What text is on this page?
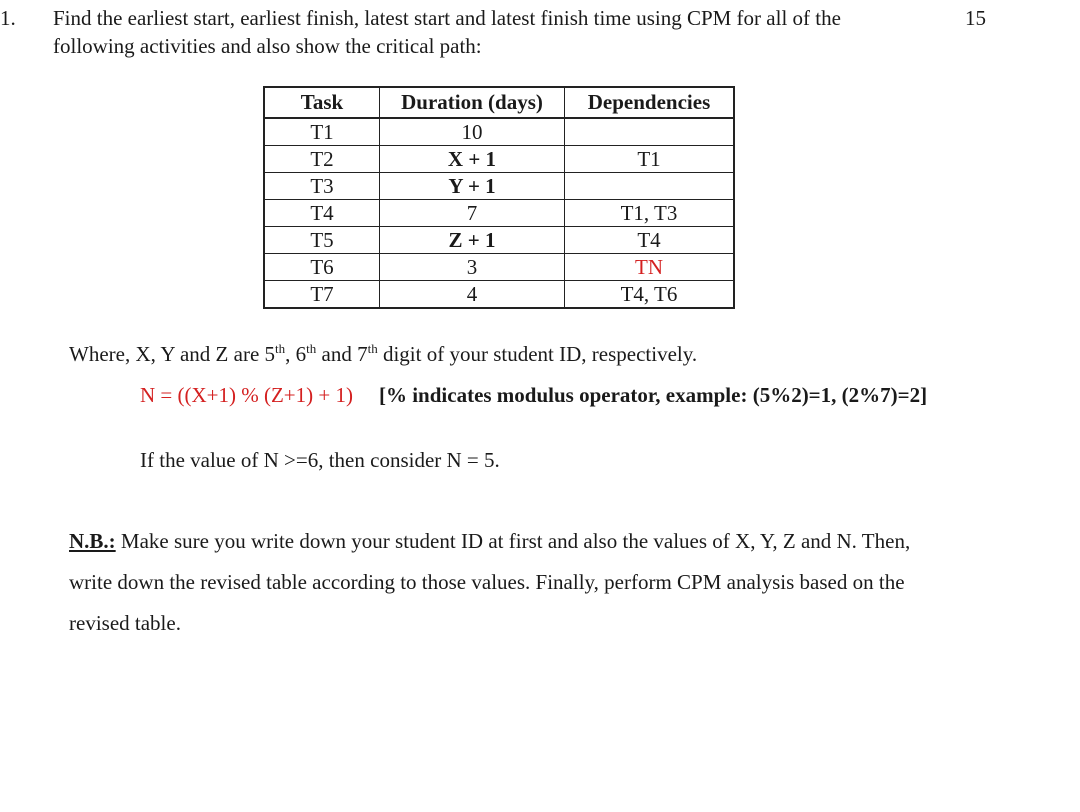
1. Find the earliest start, earliest finish, latest start and latest finish time using CPM for all of the
following activities and also show the critical path:
15
Task	Duration (days)	Dependencies
T1	10	
T2	X + 1	T1
T3	Y + 1	
T4	7	T1, T3
T5	Z + 1	T4
T6	3	TN
T7	4	T4, T6
Where, X, Y and Z are 5th, 6th and 7th digit of your student ID, respectively.
N = ((X+1) % (Z+1) + 1) [% indicates modulus operator, example: (5%2)=1, (2%7)=2]
If the value of N >=6, then consider N = 5.
N.B.: Make sure you write down your student ID at first and also the values of X, Y, Z and N. Then,
write down the revised table according to those values. Finally, perform CPM analysis based on the
revised table.
